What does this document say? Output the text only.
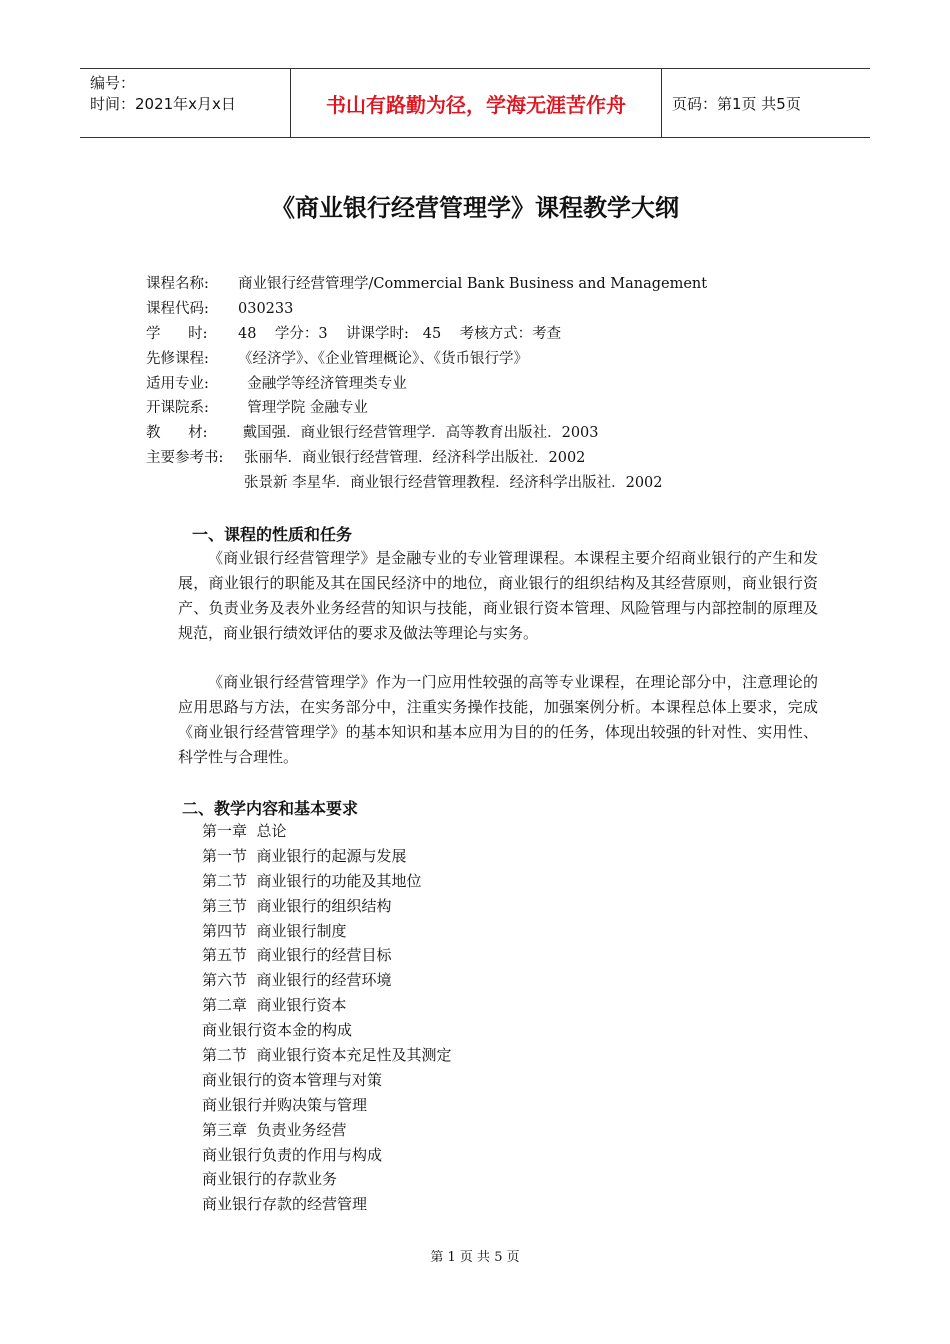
编号：
时间：2021年x月x日	书山有路勤为径，学海无涯苦作舟	页码：第1页 共5页
《商业银行经营管理学》课程教学大纲
课程名称:	商业银行经营管理学/Commercial Bank Business and Management
课程代码:	030233
学      时:	48    学分：3    讲课学时:   45    考核方式：考查
先修课程:	《经济学》、《企业管理概论》、《货币银行学》
适用专业:	金融学等经济管理类专业
开课院系:	管理学院 金融专业
教      材:	戴国强．商业银行经营管理学．高等教育出版社．2003
主要参考书:	张丽华．商业银行经营管理．经济科学出版社．2002
张景新 李星华．商业银行经营管理教程．经济科学出版社．2002
一、课程的性质和任务

《商业银行经营管理学》是金融专业的专业管理课程。本课程主要介绍商业银行的产生和发展，商业银行的职能及其在国民经济中的地位，商业银行的组织结构及其经营原则，商业银行资产、负责业务及表外业务经营的知识与技能，商业银行资本管理、风险管理与内部控制的原理及规范，商业银行绩效评估的要求及做法等理论与实务。

《商业银行经营管理学》作为一门应用性较强的高等专业课程，在理论部分中，注意理论的应用思路与方法，在实务部分中，注重实务操作技能，加强案例分析。本课程总体上要求，完成《商业银行经营管理学》的基本知识和基本应用为目的的任务，体现出较强的针对性、实用性、科学性与合理性。

二、教学内容和基本要求
第一章  总论
第一节  商业银行的起源与发展
第二节  商业银行的功能及其地位
第三节  商业银行的组织结构
第四节  商业银行制度
第五节  商业银行的经营目标
第六节  商业银行的经营环境
第二章  商业银行资本
商业银行资本金的构成
第二节  商业银行资本充足性及其测定
商业银行的资本管理与对策
商业银行并购决策与管理
第三章  负责业务经营
商业银行负责的作用与构成
商业银行的存款业务
商业银行存款的经营管理
第 1 页 共 5 页
